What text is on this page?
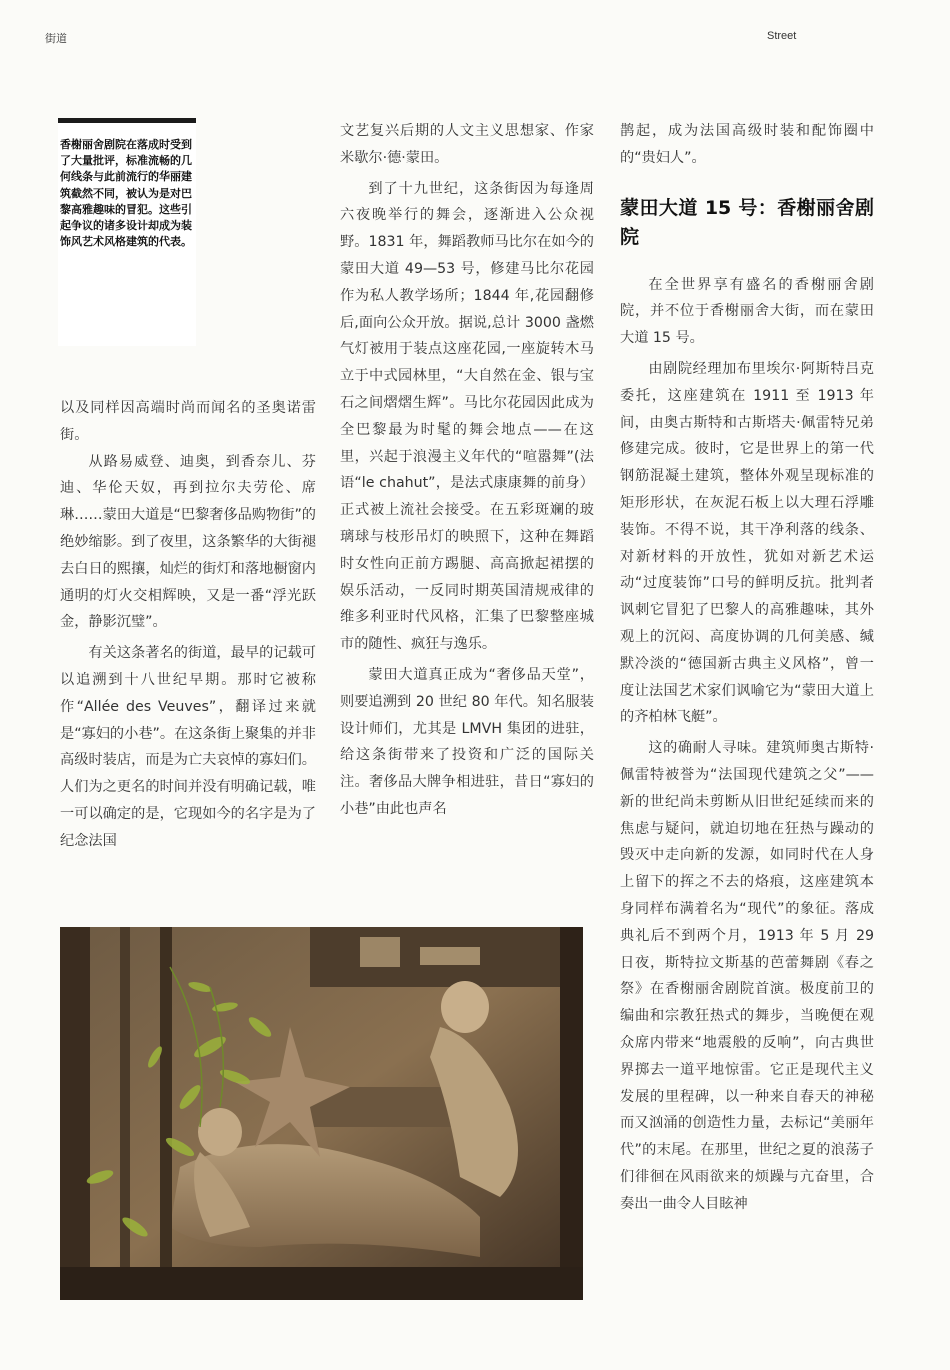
街道	Street
香榭丽舍剧院在落成时受到了大量批评，标准流畅的几何线条与此前流行的华丽建筑截然不同，被认为是对巴黎高雅趣味的冒犯。这些引起争议的诸多设计却成为装饰风艺术风格建筑的代表。

以及同样因高端时尚而闻名的圣奥诺雷街。

从路易威登、迪奥，到香奈儿、芬迪、华伦天奴，再到拉尔夫劳伦、席琳……蒙田大道是“巴黎奢侈品购物街”的绝妙缩影。到了夜里，这条繁华的大街褪去白日的熙攘，灿烂的街灯和落地橱窗内通明的灯火交相辉映，又是一番“浮光跃金，静影沉璧”。

有关这条著名的街道，最早的记载可以追溯到十八世纪早期。那时它被称作“Allée des Veuves”，翻译过来就是“寡妇的小巷”。在这条街上聚集的并非高级时装店，而是为亡夫哀悼的寡妇们。人们为之更名的时间并没有明确记载，唯一可以确定的是，它现如今的名字是为了纪念法国

文艺复兴后期的人文主义思想家、作家米歇尔·德·蒙田。

到了十九世纪，这条街因为每逢周六夜晚举行的舞会，逐渐进入公众视野。1831 年，舞蹈教师马比尔在如今的蒙田大道 49—53 号，修建马比尔花园作为私人教学场所；1844 年,花园翻修后,面向公众开放。据说,总计 3000 盏燃气灯被用于装点这座花园,一座旋转木马立于中式园林里，“大自然在金、银与宝石之间熠熠生辉”。马比尔花园因此成为全巴黎最为时髦的舞会地点——在这里，兴起于浪漫主义年代的“喧嚣舞”(法语“le chahut”，是法式康康舞的前身）正式被上流社会接受。在五彩斑斓的玻璃球与枝形吊灯的映照下，这种在舞蹈时女性向正前方踢腿、高高掀起裙摆的娱乐活动，一反同时期英国清规戒律的维多利亚时代风格，汇集了巴黎整座城市的随性、疯狂与逸乐。

蒙田大道真正成为“奢侈品天堂”，则要追溯到 20 世纪 80 年代。知名服装设计师们，尤其是 LMVH 集团的进驻，给这条街带来了投资和广泛的国际关注。奢侈品大牌争相进驻，昔日“寡妇的小巷”由此也声名

鹊起，成为法国高级时装和配饰圈中的“贵妇人”。

蒙田大道 15 号：香榭丽舍剧院

在全世界享有盛名的香榭丽舍剧院，并不位于香榭丽舍大街，而在蒙田大道 15 号。

由剧院经理加布里埃尔·阿斯特吕克委托，这座建筑在 1911 至 1913 年间，由奥古斯特和古斯塔夫·佩雷特兄弟修建完成。彼时，它是世界上的第一代钢筋混凝土建筑，整体外观呈现标准的矩形形状，在灰泥石板上以大理石浮雕装饰。不得不说，其干净利落的线条、对新材料的开放性，犹如对新艺术运动“过度装饰”口号的鲜明反抗。批判者讽刺它冒犯了巴黎人的高雅趣味，其外观上的沉闷、高度协调的几何美感、缄默冷淡的“德国新古典主义风格”，曾一度让法国艺术家们讽喻它为“蒙田大道上的齐柏林飞艇”。

这的确耐人寻味。建筑师奥古斯特·佩雷特被誉为“法国现代建筑之父”——新的世纪尚未剪断从旧世纪延续而来的焦虑与疑问，就迫切地在狂热与躁动的毁灭中走向新的发源，如同时代在人身上留下的挥之不去的烙痕，这座建筑本身同样布满着名为“现代”的象征。落成典礼后不到两个月，1913 年 5 月 29 日夜，斯特拉文斯基的芭蕾舞剧《春之祭》在香榭丽舍剧院首演。极度前卫的编曲和宗教狂热式的舞步，当晚便在观众席内带来“地震般的反响”，向古典世界掷去一道平地惊雷。它正是现代主义发展的里程碑，以一种来自春天的神秘而又汹涌的创造性力量，去标记“美丽年代”的末尾。在那里，世纪之夏的浪荡子们徘徊在风雨欲来的烦躁与亢奋里，合奏出一曲令人目眩神
